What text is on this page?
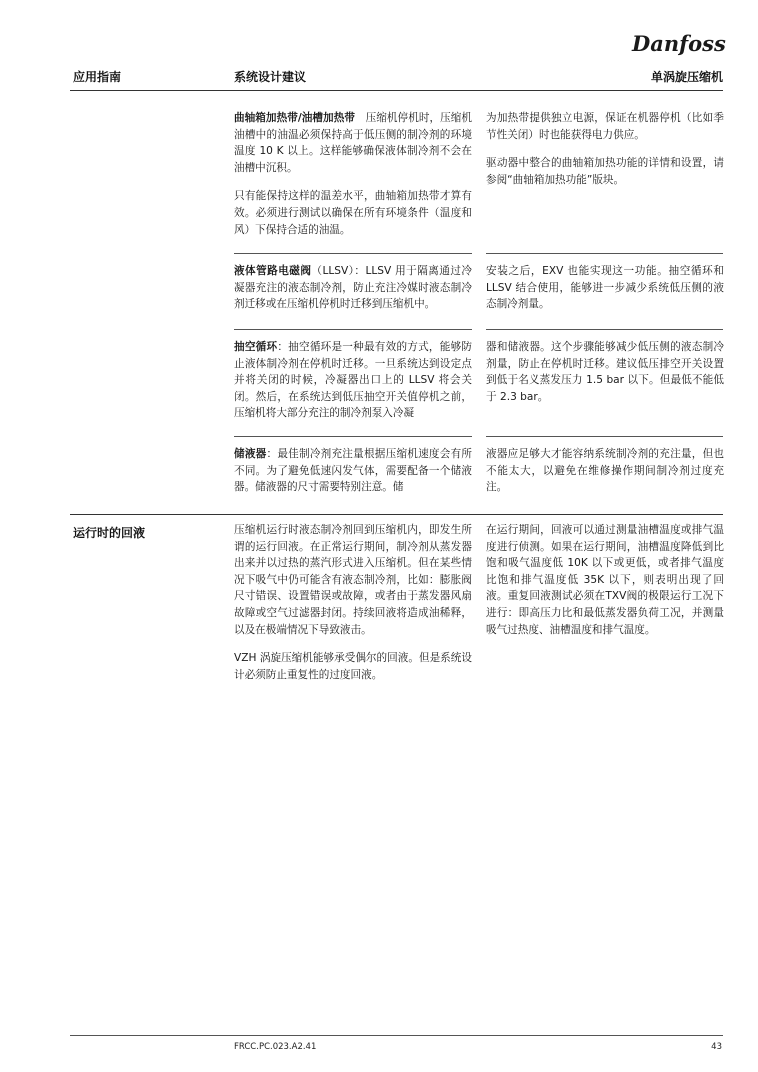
Danfoss
应用指南	系统设计建议	单涡旋压缩机

曲轴箱加热带/油槽加热带　压缩机停机时，压缩机油槽中的油温必须保持高于低压侧的制冷剂的环境温度 10 K 以上。这样能够确保液体制冷剂不会在油槽中沉积。

只有能保持这样的温差水平，曲轴箱加热带才算有效。必须进行测试以确保在所有环境条件（温度和风）下保持合适的油温。

为加热带提供独立电源，保证在机器停机（比如季节性关闭）时也能获得电力供应。

驱动器中整合的曲轴箱加热功能的详情和设置，请参阅“曲轴箱加热功能”版块。

液体管路电磁阀（LLSV）：LLSV 用于隔离通过冷凝器充注的液态制冷剂，防止充注冷媒时液态制冷剂迁移或在压缩机停机时迁移到压缩机中。

安装之后，EXV 也能实现这一功能。抽空循环和 LLSV 结合使用，能够进一步减少系统低压侧的液态制冷剂量。

抽空循环：抽空循环是一种最有效的方式，能够防止液体制冷剂在停机时迁移。一旦系统达到设定点并将关闭的时候，冷凝器出口上的 LLSV 将会关闭。然后，在系统达到低压抽空开关值停机之前，压缩机将大部分充注的制冷剂泵入冷凝

器和储液器。这个步骤能够减少低压侧的液态制冷剂量，防止在停机时迁移。建议低压排空开关设置到低于名义蒸发压力 1.5 bar 以下。但最低不能低于 2.3 bar。

储液器：最佳制冷剂充注量根据压缩机速度会有所不同。为了避免低速闪发气体，需要配备一个储液器。储液器的尺寸需要特别注意。储

液器应足够大才能容纳系统制冷剂的充注量，但也不能太大，以避免在维修操作期间制冷剂过度充注。

运行时的回液	压缩机运行时液态制冷剂回到压缩机内，即发生所谓的运行回液。在正常运行期间，制冷剂从蒸发器出来并以过热的蒸汽形式进入压缩机。但在某些情况下吸气中仍可能含有液态制冷剂，比如：膨胀阀尺寸错误、设置错误或故障，或者由于蒸发器风扇故障或空气过滤器封闭。持续回液将造成油稀释，以及在极端情况下导致液击。

VZH 涡旋压缩机能够承受偶尔的回液。但是系统设计必须防止重复性的过度回液。

在运行期间，回液可以通过测量油槽温度或排气温度进行侦测。如果在运行期间，油槽温度降低到比饱和吸气温度低 10K 以下或更低，或者排气温度比饱和排气温度低 35K 以下，则表明出现了回液。重复回液测试必须在TXV阀的极限运行工况下进行：即高压力比和最低蒸发器负荷工况，并测量吸气过热度、油槽温度和排气温度。

FRCC.PC.023.A2.41	43
